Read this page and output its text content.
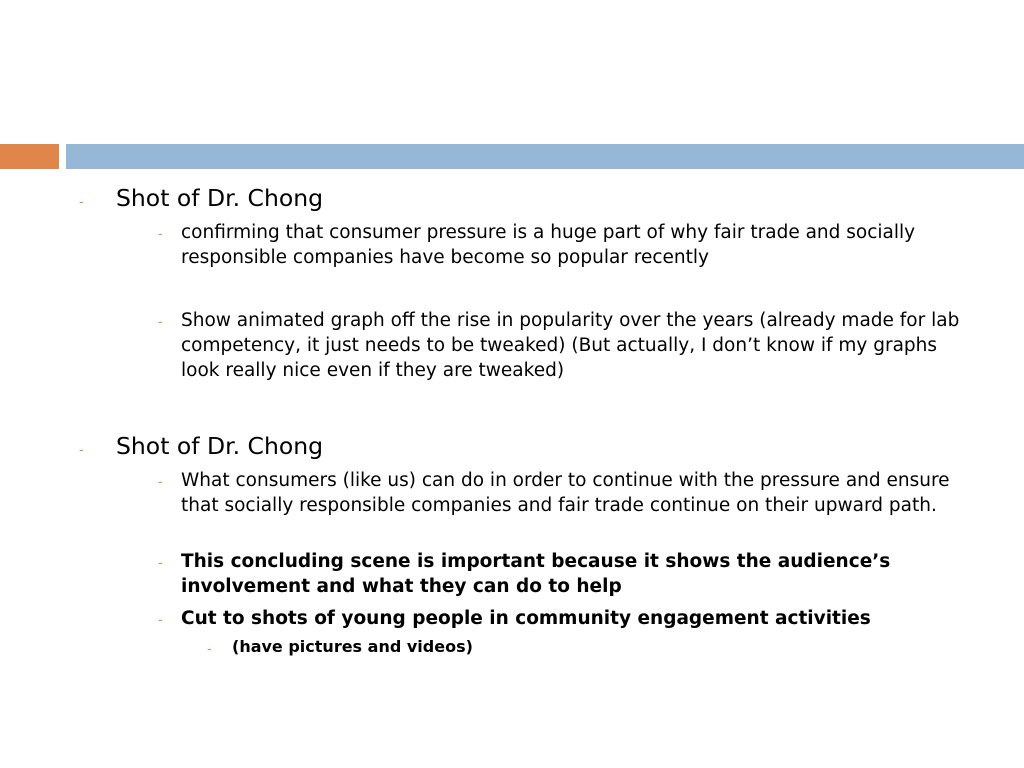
- Shot of Dr. Chong
- confirming that consumer pressure is a huge part of why fair trade and socially responsible companies have become so popular recently
- Show animated graph off the rise in popularity over the years (already made for lab competency, it just needs to be tweaked) (But actually, I don’t know if my graphs look really nice even if they are tweaked)
- Shot of Dr. Chong
- What consumers (like us) can do in order to continue with the pressure and ensure that socially responsible companies and fair trade continue on their upward path.
- This concluding scene is important because it shows the audience’s involvement and what they can do to help
- Cut to shots of young people in community engagement activities
- (have pictures and videos)
